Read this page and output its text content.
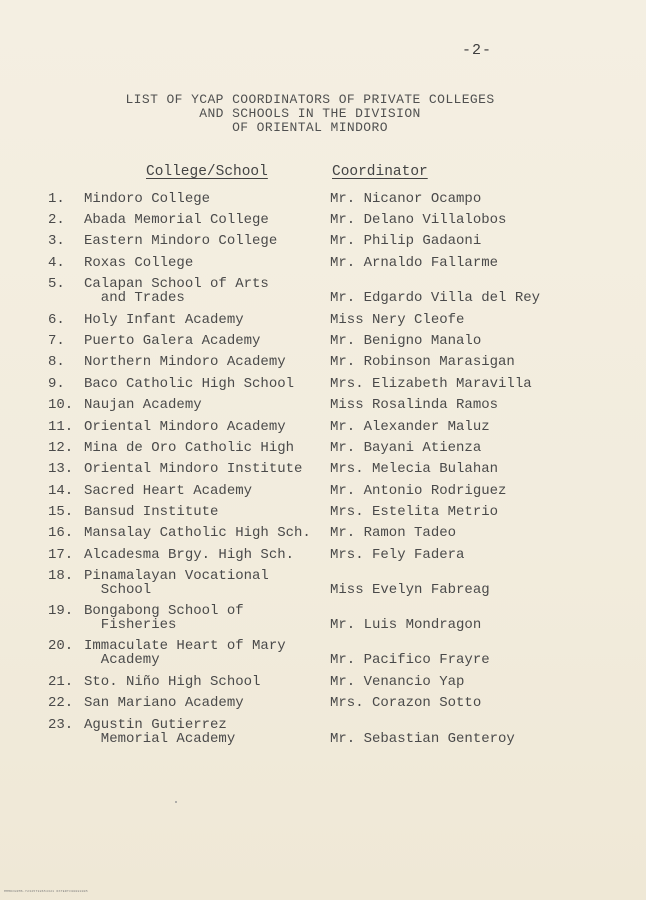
-2-
LIST OF YCAP COORDINATORS OF PRIVATE COLLEGES
AND SCHOOLS IN THE DIVISION
OF ORIENTAL MINDORO
College/School	Coordinator
1.	Mindoro College	Mr. Nicanor Ocampo
2.	Abada Memorial College	Mr. Delano Villalobos
3.	Eastern Mindoro College	Mr. Philip Gadaoni
4.	Roxas College	Mr. Arnaldo Fallarme
5.	Calapan School of Arts
and Trades	Mr. Edgardo Villa del Rey
6.	Holy Infant Academy	Miss Nery Cleofe
7.	Puerto Galera Academy	Mr. Benigno Manalo
8.	Northern Mindoro Academy	Mr. Robinson Marasigan
9.	Baco Catholic High School	Mrs. Elizabeth Maravilla
10. Naujan Academy	Miss Rosalinda Ramos
11. Oriental Mindoro Academy	Mr. Alexander Maluz
12. Mina de Oro Catholic High	Mr. Bayani Atienza
13. Oriental Mindoro Institute	Mrs. Melecia Bulahan
14. Sacred Heart Academy	Mr. Antonio Rodriguez
15. Bansud Institute	Mrs. Estelita Metrio
16. Mansalay Catholic High Sch.	Mr. Ramon Tadeo
17. Alcadesma Brgy. High Sch.	Mrs. Fely Fadera
18. Pinamalayan Vocational
School	Miss Evelyn Fabreag
19. Bongabong School of
Fisheries	Mr. Luis Mondragon
20. Immaculate Heart of Mary
Academy	Mr. Pacifico Frayre
21. Sto. Niño High School	Mr. Venancio Yap
22. San Mariano Academy	Mrs. Corazon Sotto
23. Agustin Gutierrez
Memorial Academy	Mr. Sebastian Genteroy
MMMDCHRMS-Y2345798654321 NXTERTC00080005
